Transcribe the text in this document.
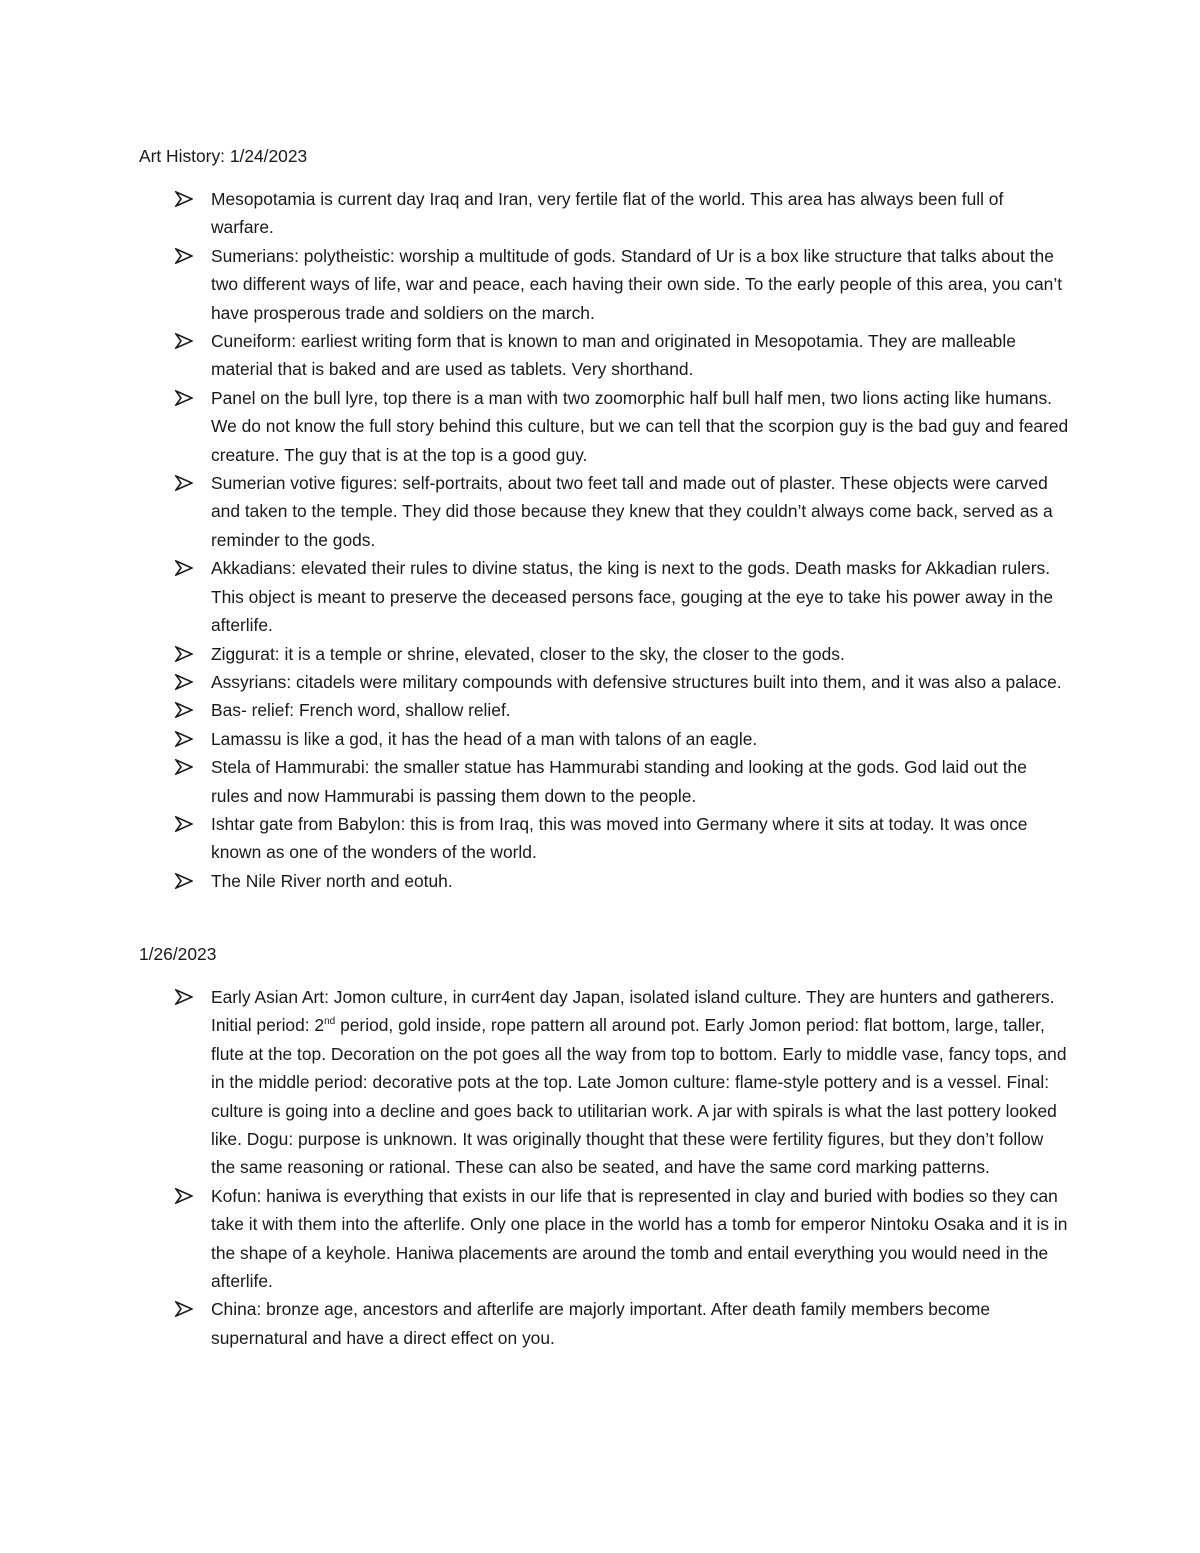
Art History: 1/24/2023
Mesopotamia is current day Iraq and Iran, very fertile flat of the world. This area has always been full of warfare.
Sumerians: polytheistic: worship a multitude of gods. Standard of Ur is a box like structure that talks about the two different ways of life, war and peace, each having their own side. To the early people of this area, you can’t have prosperous trade and soldiers on the march.
Cuneiform: earliest writing form that is known to man and originated in Mesopotamia. They are malleable material that is baked and are used as tablets. Very shorthand.
Panel on the bull lyre, top there is a man with two zoomorphic half bull half men, two lions acting like humans. We do not know the full story behind this culture, but we can tell that the scorpion guy is the bad guy and feared creature. The guy that is at the top is a good guy.
Sumerian votive figures: self-portraits, about two feet tall and made out of plaster. These objects were carved and taken to the temple. They did those because they knew that they couldn’t always come back, served as a reminder to the gods.
Akkadians: elevated their rules to divine status, the king is next to the gods. Death masks for Akkadian rulers. This object is meant to preserve the deceased persons face, gouging at the eye to take his power away in the afterlife.
Ziggurat: it is a temple or shrine, elevated, closer to the sky, the closer to the gods.
Assyrians: citadels were military compounds with defensive structures built into them, and it was also a palace.
Bas- relief: French word, shallow relief.
Lamassu is like a god, it has the head of a man with talons of an eagle.
Stela of Hammurabi: the smaller statue has Hammurabi standing and looking at the gods. God laid out the rules and now Hammurabi is passing them down to the people.
Ishtar gate from Babylon: this is from Iraq, this was moved into Germany where it sits at today. It was once known as one of the wonders of the world.
The Nile River north and eotuh.
1/26/2023
Early Asian Art: Jomon culture, in curr4ent day Japan, isolated island culture. They are hunters and gatherers. Initial period: 2nd period, gold inside, rope pattern all around pot. Early Jomon period: flat bottom, large, taller, flute at the top. Decoration on the pot goes all the way from top to bottom. Early to middle vase, fancy tops, and in the middle period: decorative pots at the top. Late Jomon culture: flame-style pottery and is a vessel. Final: culture is going into a decline and goes back to utilitarian work. A jar with spirals is what the last pottery looked like. Dogu: purpose is unknown. It was originally thought that these were fertility figures, but they don’t follow the same reasoning or rational. These can also be seated, and have the same cord marking patterns.
Kofun: haniwa is everything that exists in our life that is represented in clay and buried with bodies so they can take it with them into the afterlife. Only one place in the world has a tomb for emperor Nintoku Osaka and it is in the shape of a keyhole. Haniwa placements are around the tomb and entail everything you would need in the afterlife.
China: bronze age, ancestors and afterlife are majorly important. After death family members become supernatural and have a direct effect on you.
